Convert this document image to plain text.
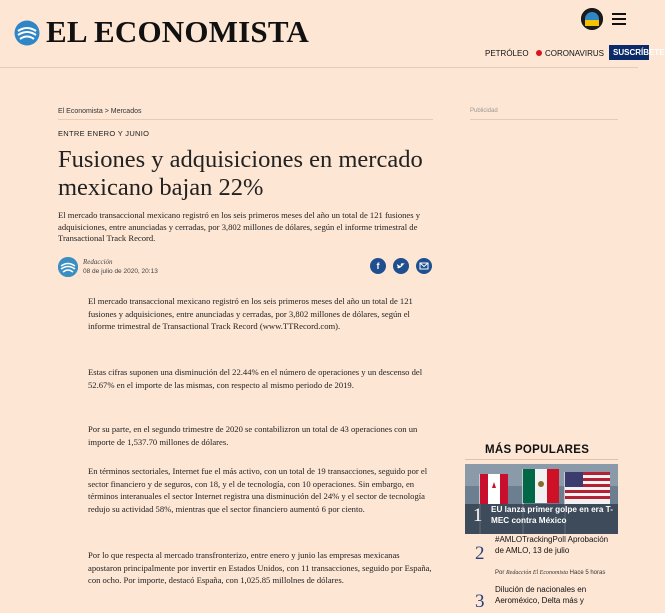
EL ECONOMISTA
PETRÓLEO	CORONAVIRUS	SUSCRÍBETE
El Economista > Mercados	Publicidad
ENTRE ENERO Y JUNIO
Fusiones y adquisiciones en mercado mexicano bajan 22%
El mercado transaccional mexicano registró en los seis primeros meses del año un total de 121 fusiones y adquisiciones, entre anunciadas y cerradas, por 3,802 millones de dólares, según el informe trimestral de Transactional Track Record.
Redacción
08 de julio de 2020, 20:13
f
El mercado transaccional mexicano registró en los seis primeros meses del año un total de 121 fusiones y adquisiciones, entre anunciadas y cerradas, por 3,802 millones de dólares, según el informe trimestral de Transactional Track Record (www.TTRecord.com).
Estas cifras suponen una disminución del 22.44% en el número de operaciones y un descenso del 52.67% en el importe de las mismas, con respecto al mismo periodo de 2019.
Por su parte, en el segundo trimestre de 2020 se contabilizron un total de 43 operaciones con un importe de 1,537.70 millones de dólares.
En términos sectoriales, Internet fue el más activo, con un total de 19 transacciones, seguido por el sector financiero y de seguros, con 18, y el de tecnología, con 10 operaciones. Sin embargo, en términos interanuales el sector Internet registra una disminución del 24% y el sector de tecnología redujo su actividad 58%, mientras que el sector financiero aumentó 6 por ciento.
Por lo que respecta al mercado transfronterizo, entre enero y junio las empresas mexicanas apostaron principalmente por invertir en Estados Unidos, con 11 transacciones, seguido por España, con ocho. Por importe, destacó España, con 1,025.85 millolnes de dólares.
MÁS POPULARES
1 EU lanza primer golpe en era T-MEC contra México
2
#AMLOTrackingPoll Aprobación de AMLO, 13 de julio
Por Redacción El Economista Hace 5 horas
3
Dilución de nacionales en Aeroméxico, Delta más y
